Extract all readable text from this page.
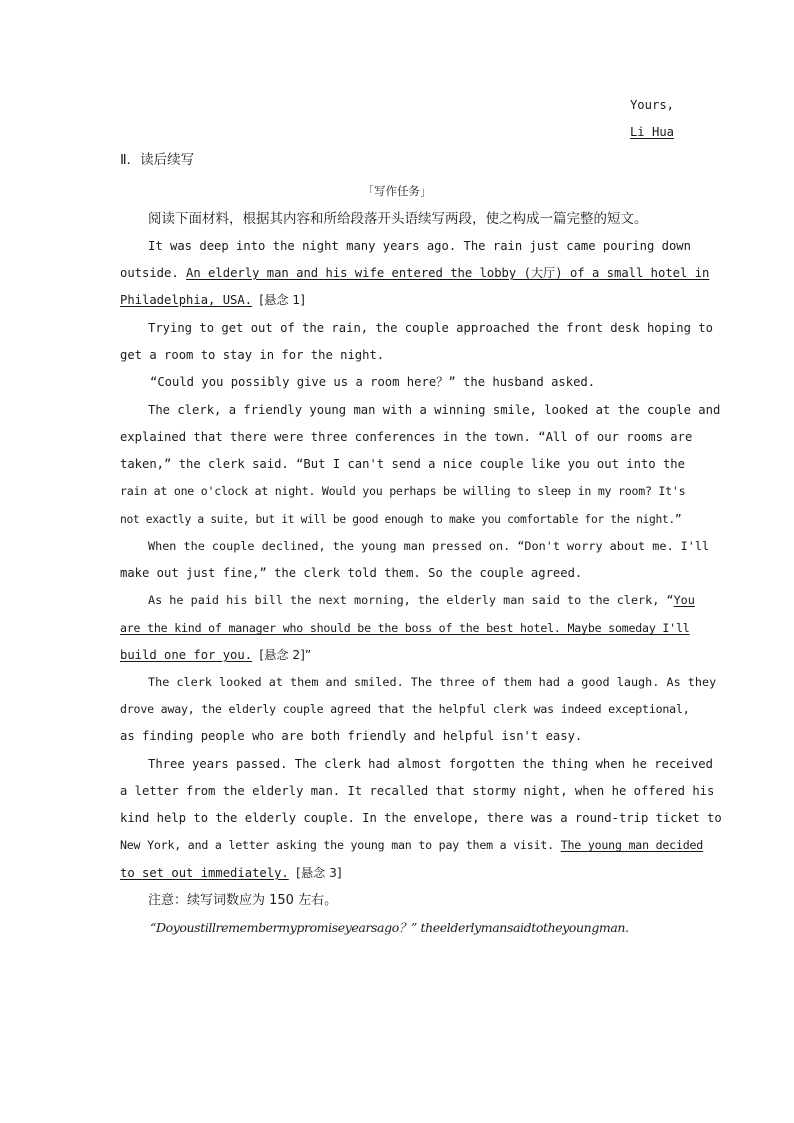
Yours,
Li Hua
Ⅱ．读后续写
「写作任务」
阅读下面材料，根据其内容和所给段落开头语续写两段，使之构成一篇完整的短文。
It was deep into the night many years ago. The rain just came pouring down
outside. An elderly man and his wife entered the lobby (大厅) of a small hotel in
Philadelphia, USA. [悬念 1]
Trying to get out of the rain, the couple approached the front desk hoping to
get a room to stay in for the night.
“Could you possibly give us a room here？” the husband asked.
The clerk, a friendly young man with a winning smile, looked at the couple and
explained that there were three conferences in the town. “All of our rooms are
taken,” the clerk said. “But I can't send a nice couple like you out into the
rain at one o'clock at night. Would you perhaps be willing to sleep in my room? It's
not exactly a suite, but it will be good enough to make you comfortable for the night.”
When the couple declined, the young man pressed on. “Don't worry about me. I'll
make out just fine,” the clerk told them. So the couple agreed.
As he paid his bill the next morning, the elderly man said to the clerk, “You
are the kind of manager who should be the boss of the best hotel. Maybe someday I'll
build one for you. [悬念 2]”
The clerk looked at them and smiled. The three of them had a good laugh. As they
drove away, the elderly couple agreed that the helpful clerk was indeed exceptional,
as finding people who are both friendly and helpful isn't easy.
Three years passed. The clerk had almost forgotten the thing when he received
a letter from the elderly man. It recalled that stormy night, when he offered his
kind help to the elderly couple. In the envelope, there was a round-trip ticket to
New York, and a letter asking the young man to pay them a visit. The young man decided
to set out immediately. [悬念 3]
注意：续写词数应为 150 左右。
“Doyoustillremembermypromiseyearsago？” theelderlymansaidtotheyoungman.
